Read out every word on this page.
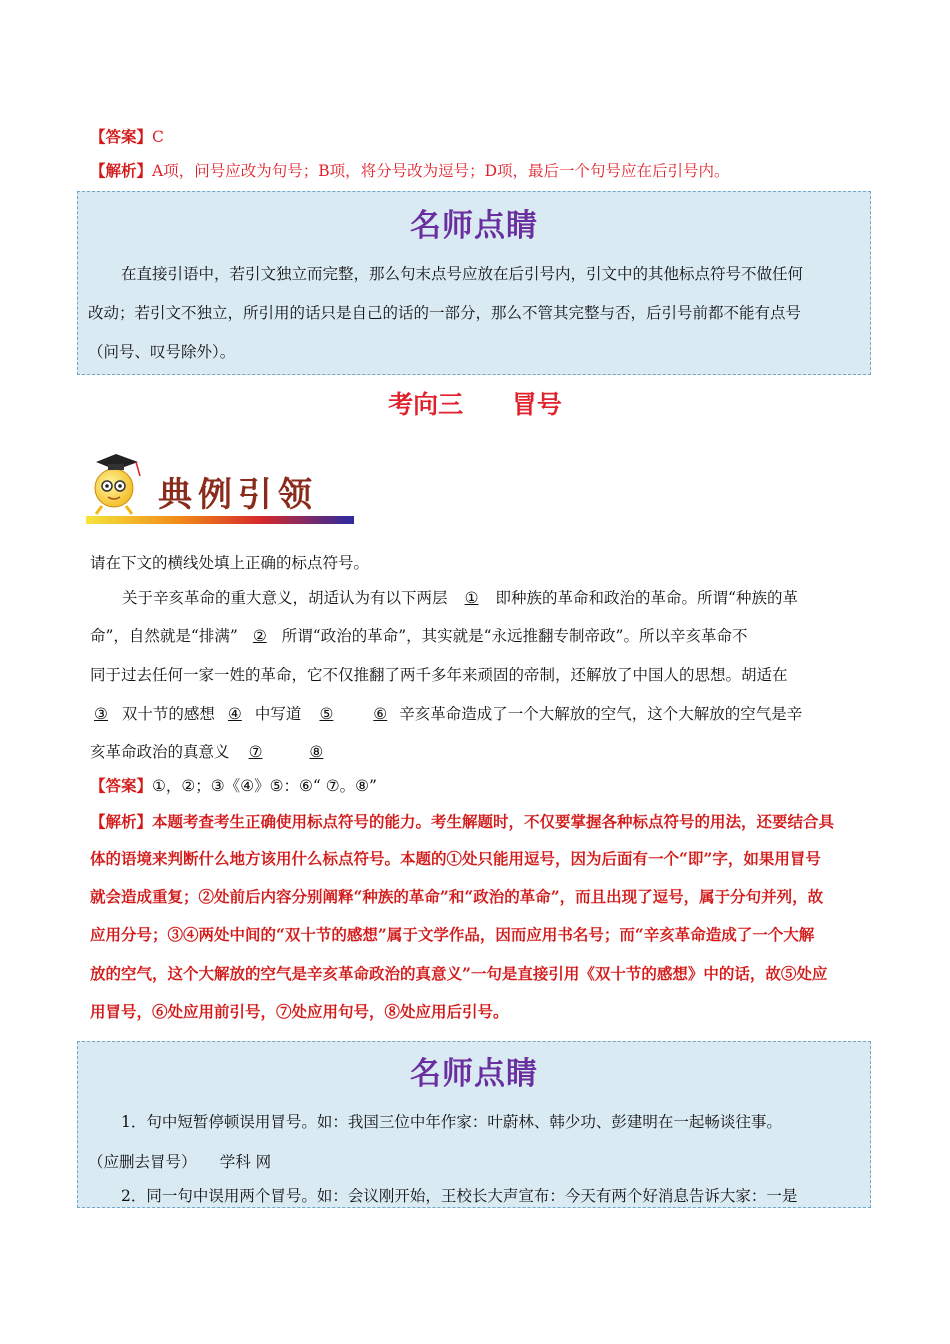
【答案】C
【解析】A项，问号应改为句号；B项，将分号改为逗号；D项，最后一个句号应在后引号内。
名师点睛
在直接引语中，若引文独立而完整，那么句末点号应放在后引号内，引文中的其他标点符号不做任何
改动；若引文不独立，所引用的话只是自己的话的一部分，那么不管其完整与否，后引号前都不能有点号
（问号、叹号除外）。
考向三 冒号
典例引领
请在下文的横线处填上正确的标点符号。
关于辛亥革命的重大意义，胡适认为有以下两层 ① 即种族的革命和政治的革命。所谓“种族的革
命”，自然就是“排满” ② 所谓“政治的革命”，其实就是“永远推翻专制帝政”。所以辛亥革命不
同于过去任何一家一姓的革命，它不仅推翻了两千多年来顽固的帝制，还解放了中国人的思想。胡适在
③ 双十节的感想 ④ 中写道 ⑤	⑥ 辛亥革命造成了一个大解放的空气，这个大解放的空气是辛
亥革命政治的真意义 ⑦	⑧
【答案】①，②；③《④》⑤：⑥“ ⑦。⑧”
【解析】本题考查考生正确使用标点符号的能力。考生解题时，不仅要掌握各种标点符号的用法，还要结合具
体的语境来判断什么地方该用什么标点符号。本题的①处只能用逗号，因为后面有一个“即”字，如果用冒号
就会造成重复；②处前后内容分别阐释“种族的革命”和“政治的革命”，而且出现了逗号，属于分句并列，故
应用分号；③④两处中间的“双十节的感想”属于文学作品，因而应用书名号；而“辛亥革命造成了一个大解
放的空气，这个大解放的空气是辛亥革命政治的真意义”一句是直接引用《双十节的感想》中的话，故⑤处应
用冒号，⑥处应用前引号，⑦处应用句号，⑧处应用后引号。
名师点睛
1．句中短暂停顿误用冒号。如：我国三位中年作家：叶蔚林、韩少功、彭建明在一起畅谈往事。
（应删去冒号）　　学科 网
2．同一句中误用两个冒号。如：会议刚开始，王校长大声宣布：今天有两个好消息告诉大家：一是
